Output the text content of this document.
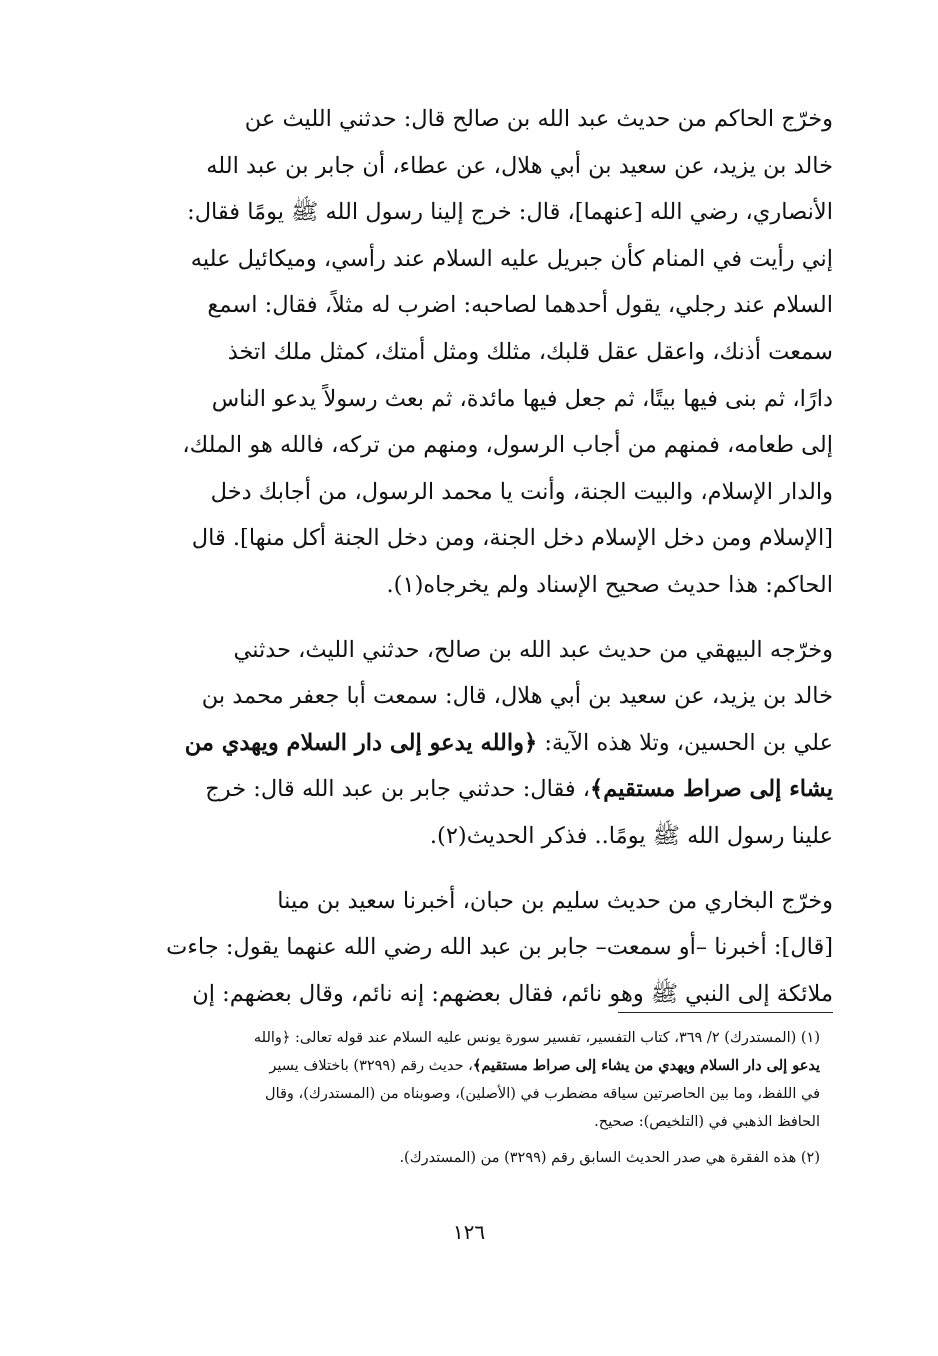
وخرّج الحاكم من حديث عبد الله بن صالح قال: حدثني الليث عن
خالد بن يزيد، عن سعيد بن أبي هلال، عن عطاء، أن جابر بن عبد الله
الأنصاري، رضي الله [عنهما]، قال: خرج إلينا رسول الله ﷺ يومًا فقال:
إني رأيت في المنام كأن جبريل عليه السلام عند رأسي، وميكائيل عليه
السلام عند رجلي، يقول أحدهما لصاحبه: اضرب له مثلاً، فقال: اسمع
سمعت أذنك، واعقل عقل قلبك، مثلك ومثل أمتك، كمثل ملك اتخذ
دارًا، ثم بنى فيها بيتًا، ثم جعل فيها مائدة، ثم بعث رسولاً يدعو الناس
إلى طعامه، فمنهم من أجاب الرسول، ومنهم من تركه، فالله هو الملك،
والدار الإسلام، والبيت الجنة، وأنت يا محمد الرسول، من أجابك دخل
[الإسلام ومن دخل الإسلام دخل الجنة، ومن دخل الجنة أكل منها]. قال
الحاكم: هذا حديث صحيح الإسناد ولم يخرجاه(١).

وخرّجه البيهقي من حديث عبد الله بن صالح، حدثني الليث، حدثني
خالد بن يزيد، عن سعيد بن أبي هلال، قال: سمعت أبا جعفر محمد بن
علي بن الحسين، وتلا هذه الآية: ﴿والله يدعو إلى دار السلام ويهدي من
يشاء إلى صراط مستقيم﴾، فقال: حدثني جابر بن عبد الله قال: خرج
علينا رسول الله ﷺ يومًا.. فذكر الحديث(٢).

وخرّج البخاري من حديث سليم بن حبان، أخبرنا سعيد بن مينا
[قال]: أخبرنا –أو سمعت– جابر بن عبد الله رضي الله عنهما يقول: جاءت
ملائكة إلى النبي ﷺ وهو نائم، فقال بعضهم: إنه نائم، وقال بعضهم: إن

(١) (المستدرك) ٢/ ٣٦٩، كتاب التفسير، تفسير سورة يونس عليه السلام عند قوله تعالى: ﴿والله
يدعو إلى دار السلام ويهدي من يشاء إلى صراط مستقيم﴾، حديث رقم (٣٢٩٩) باختلاف يسير
في اللفظ، وما بين الحاصرتين سياقه مضطرب في (الأصلين)، وصوبناه من (المستدرك)، وقال
الحافظ الذهبي في (التلخيص): صحيح.

(٢) هذه الفقرة هي صدر الحديث السابق رقم (٣٢٩٩) من (المستدرك).

١٢٦
